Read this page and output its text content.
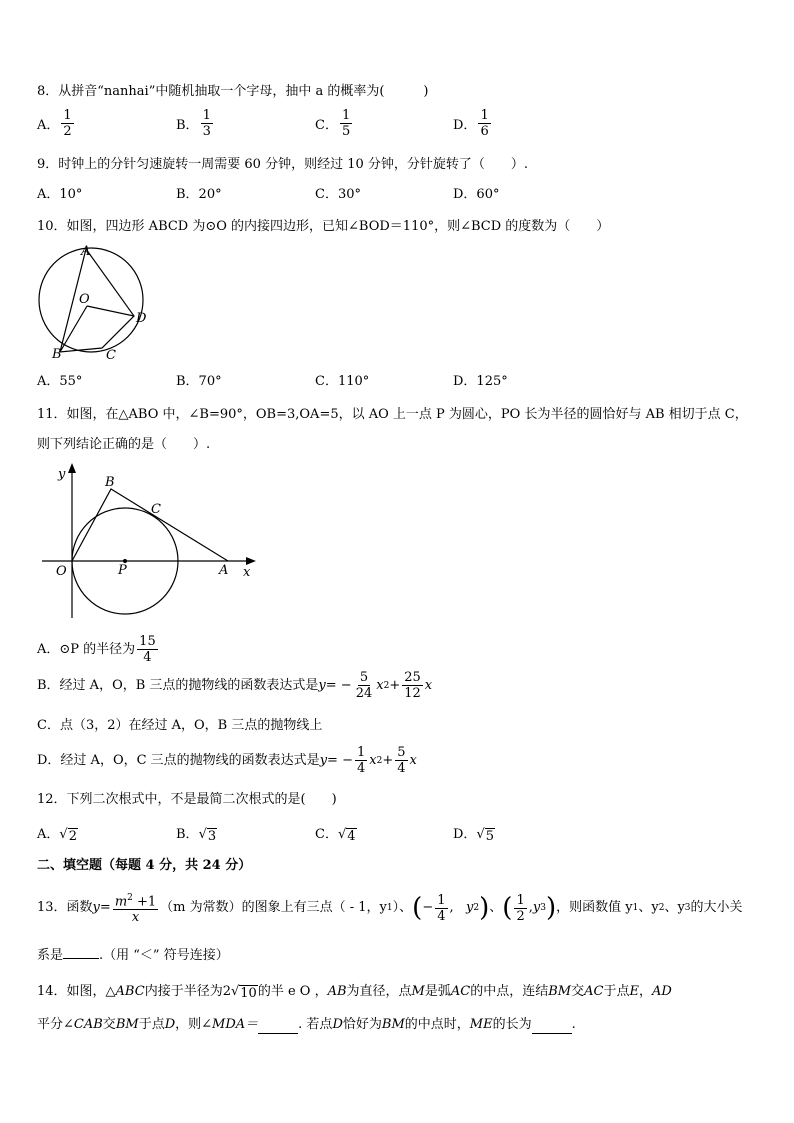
8．从拼音“nanhai”中随机抽取一个字母，抽中 a 的概率为(　　　)
A． $\frac{1}{2}$	B． $\frac{1}{3}$	C． $\frac{1}{5}$	D． $\frac{1}{6}$
9．时钟上的分针匀速旋转一周需要 60 分钟，则经过 10 分钟，分针旋转了（　　）.
A．10°	B．20°	C．30°	D．60°
10．如图，四边形 ABCD 为⊙O 的内接四边形，已知∠BOD＝110°，则∠BCD 的度数为（　　）
A
O
D
B	C
A．55°	B．70°	C．110°	D．125°
11．如图，在△ABO 中，∠B=90°，OB=3,OA=5，以 AO 上一点 P 为圆心，PO 长为半径的圆恰好与 AB 相切于点 C，
则下列结论正确的是（　　）.
y
B
C
O	P	A x
A．⊙P 的半径为 $\frac{15}{4}$
B．经过 A，O，B 三点的抛物线的函数表达式是 y = − $\frac{5}{24}$ x $2 + \frac{25}{12}$ x
C．点（3，2）在经过 A，O，B 三点的抛物线上
D．经过 A，O，C 三点的抛物线的函数表达式是 y = − $\frac{1}{4}$ x $2 + \frac{5}{4}$ x
12．下列二次根式中，不是最简二次根式的是(　　)
A． √ 2	B． √ 3	C． √ 4	D． √ 5
二、填空题（每题 4 分，共 24 分）
13．函数 $y = \frac{m^2 +1}{x} (m$ 为常数）的图象上有三点（ - 1，y 1 ）、 ( − $\frac{1}{4}$ , y 2 ) 、 ( $\frac{1}{2}$ , y 3 ) ，则函数值 y 1 、y 2 、y 3 的大小关
系是	.（用 “＜” 符号连接）
14．如图， △ABC 内接于半径为 2 √ 10 的半 e O ， AB 为直径，点 M 是弧 AC 的中点，连结 BM 交 AC 于点 E ， AD
平分 ∠CAB 交 BM 于点 D ，则 ∠MDA＝	. 若点 D 恰好为 BM 的中点时， ME 的长为	.
